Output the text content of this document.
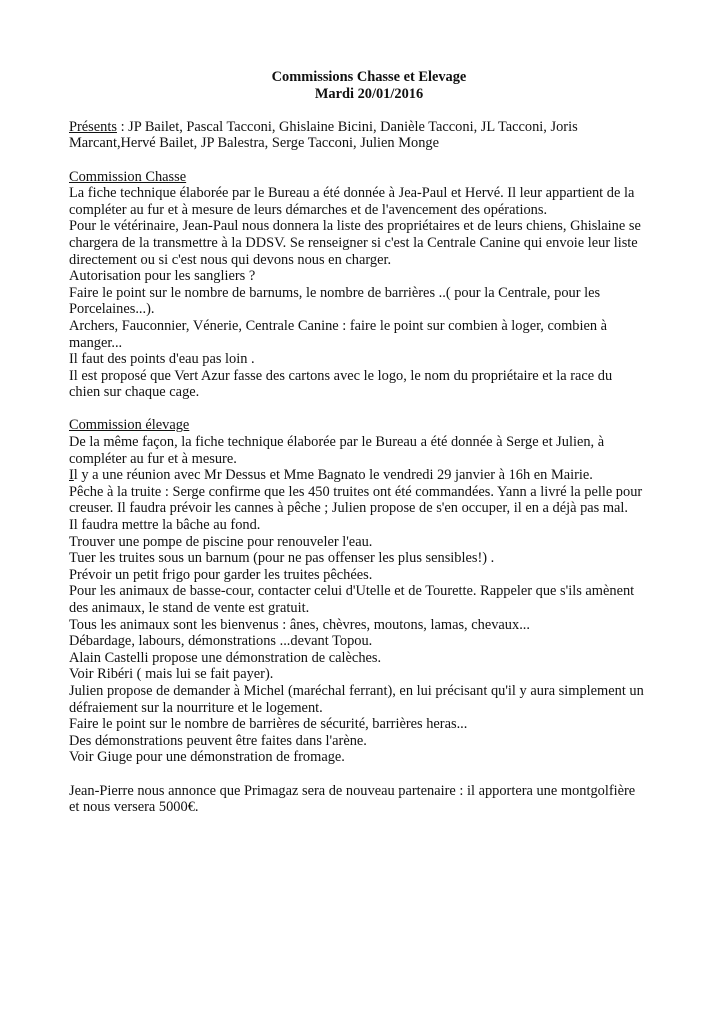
Commissions Chasse et Elevage
Mardi 20/01/2016
Présents : JP Bailet, Pascal Tacconi, Ghislaine Bicini, Danièle Tacconi, JL Tacconi, Joris
Marcant,Hervé Bailet, JP Balestra, Serge Tacconi, Julien Monge
Commission Chasse
La fiche technique élaborée par le Bureau a été donnée à Jea-Paul et Hervé. Il leur appartient de la
compléter au fur et à mesure de leurs démarches et de l'avencement des opérations.
Pour le vétérinaire, Jean-Paul nous donnera la liste des propriétaires et de leurs chiens, Ghislaine se
chargera de la transmettre à la DDSV. Se renseigner si c'est la Centrale Canine qui envoie leur liste
directement ou si c'est nous qui devons nous en charger.
Autorisation pour les sangliers ?
Faire le point sur le nombre de barnums, le nombre de barrières ..( pour la Centrale, pour les
Porcelaines...).
Archers, Fauconnier, Vénerie, Centrale Canine : faire le point sur combien à loger, combien à
manger...
Il faut des points d'eau pas loin .
Il est proposé que Vert Azur fasse des cartons avec le logo, le nom du propriétaire et la race du
chien sur chaque cage.
Commission élevage
De la même façon, la fiche technique élaborée par le Bureau a été donnée à Serge et Julien, à
compléter au fur et à mesure.
Il y a une réunion avec Mr Dessus et Mme Bagnato le vendredi 29 janvier à 16h en Mairie.
Pêche à la truite : Serge confirme que les 450 truites ont été commandées. Yann a livré la pelle pour
creuser. Il faudra prévoir les cannes à pêche ; Julien propose de s'en occuper, il en a déjà pas mal.
Il faudra mettre la bâche au fond.
Trouver une pompe de piscine pour renouveler l'eau.
Tuer les truites sous un barnum (pour ne pas offenser les plus sensibles!) .
Prévoir un petit frigo pour garder les truites pêchées.
Pour les animaux de basse-cour, contacter celui d'Utelle et de Tourette. Rappeler que s'ils amènent
des animaux, le stand de vente est gratuit.
Tous les animaux sont les bienvenus : ânes, chèvres, moutons, lamas, chevaux...
Débardage, labours, démonstrations ...devant Topou.
Alain Castelli propose une démonstration de calèches.
Voir Ribéri ( mais lui se fait payer).
Julien propose de demander à Michel (maréchal ferrant), en lui précisant qu'il y aura simplement un
défraiement sur la nourriture et le logement.
Faire le point sur le nombre de barrières de sécurité, barrières heras...
Des démonstrations peuvent être faites dans l'arène.
Voir Giuge pour une démonstration de fromage.
Jean-Pierre nous annonce que Primagaz sera de nouveau partenaire : il apportera une montgolfière
et nous versera 5000€.
